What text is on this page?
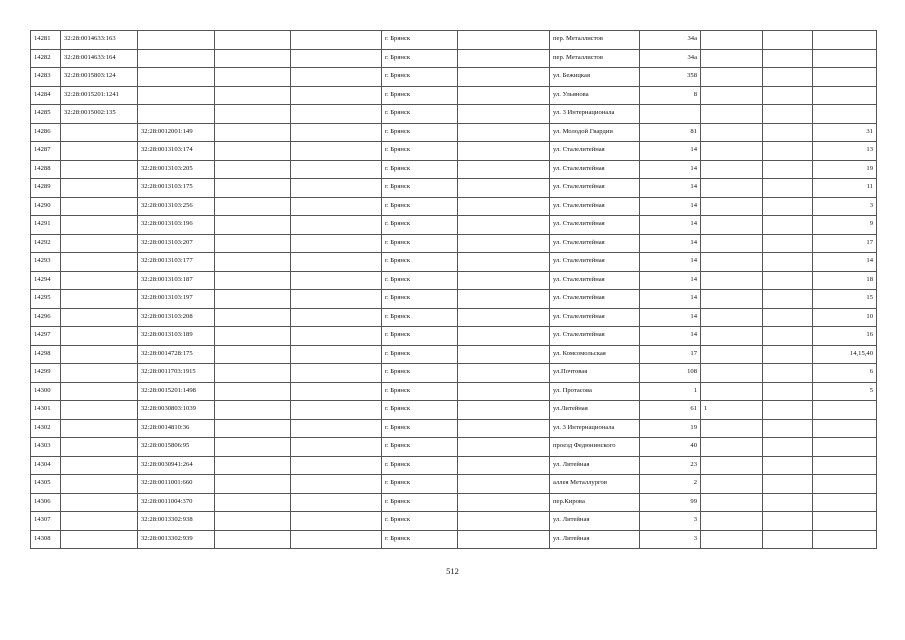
14281	32:28:0014633:163				г. Брянск		пер. Металлистов	34а			
14282	32:28:0014633:164				г. Брянск		пер. Металлистов	34а			
14283	32:28:0015803:124				г. Брянск		ул. Бежицкая	358			
14284	32:28:0015201:1241				г. Брянск		ул. Ульянова	8			
14285	32:28:0015002:135				г. Брянск		ул. 3 Интернационала				
14286		32:28:0012001:149			г. Брянск		ул. Молодой Гвардии	81			31
14287		32:28:0013103:174			г. Брянск		ул. Сталелитейная	14			13
14288		32:28:0013103:205			г. Брянск		ул. Сталелитейная	14			19
14289		32:28:0013103:175			г. Брянск		ул. Сталелитейная	14			11
14290		32:28:0013103:256			г. Брянск		ул. Сталелитейная	14			3
14291		32:28:0013103:196			г. Брянск		ул. Сталелитейная	14			9
14292		32:28:0013103:207			г. Брянск		ул. Сталелитейная	14			17
14293		32:28:0013103:177			г. Брянск		ул. Сталелитейная	14			14
14294		32:28:0013103:187			г. Брянск		ул. Сталелитейная	14			18
14295		32:28:0013103:197			г. Брянск		ул. Сталелитейная	14			15
14296		32:28:0013103:208			г. Брянск		ул. Сталелитейная	14			10
14297		32:28:0013103:189			г. Брянск		ул. Сталелитейная	14			16
14298		32:28:0014728:175			г. Брянск		ул. Комсомольская	17			14,15,40
14299		32:28:0011703:1915			г. Брянск		ул.Почтовая	108			6
14300		32:28:0015201:1498			г. Брянск		ул. Протасова	1			5
14301		32:28:0030803:1039			г. Брянск		ул.Литейная	61	1		
14302		32:28:0014810:36			г. Брянск		ул. 3 Интернационала	19			
14303		32:28:0015806:95			г. Брянск		проезд Федюнинского	40			
14304		32:28:0030941:264			г. Брянск		ул. Литейная	23			
14305		32:28:0011001:660			г. Брянск		аллея Металлургов	2			
14306		32:28:0011004:370			г. Брянск		пер.Кирова	99			
14307		32:28:0013302:938			г. Брянск		ул. Литейная	3			
14308		32:28:0013302:939			г. Брянск		ул. Литейная	3			
512
